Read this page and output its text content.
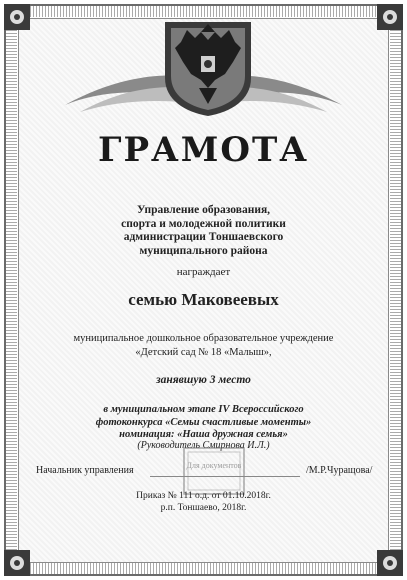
ГРАМОТА
Управление образования,
спорта и молодежной политики
администрации Тоншаевского
муниципального района
награждает
семью Маковеевых
муниципальное дошкольное образовательное учреждение
«Детский сад № 18 «Малыш»,
занявшую 3 место
в муниципальном этапе IV Всероссийского
фотоконкурса «Семьи счастливые моменты»
номинация: «Наша дружная семья»
(Руководитель Смирнова И.Л.)
Для документов
Начальник управления	/М.Р.Чуращова/
Приказ № 111 о.д. от 01.10.2018г.
р.п. Тоншаево, 2018г.
